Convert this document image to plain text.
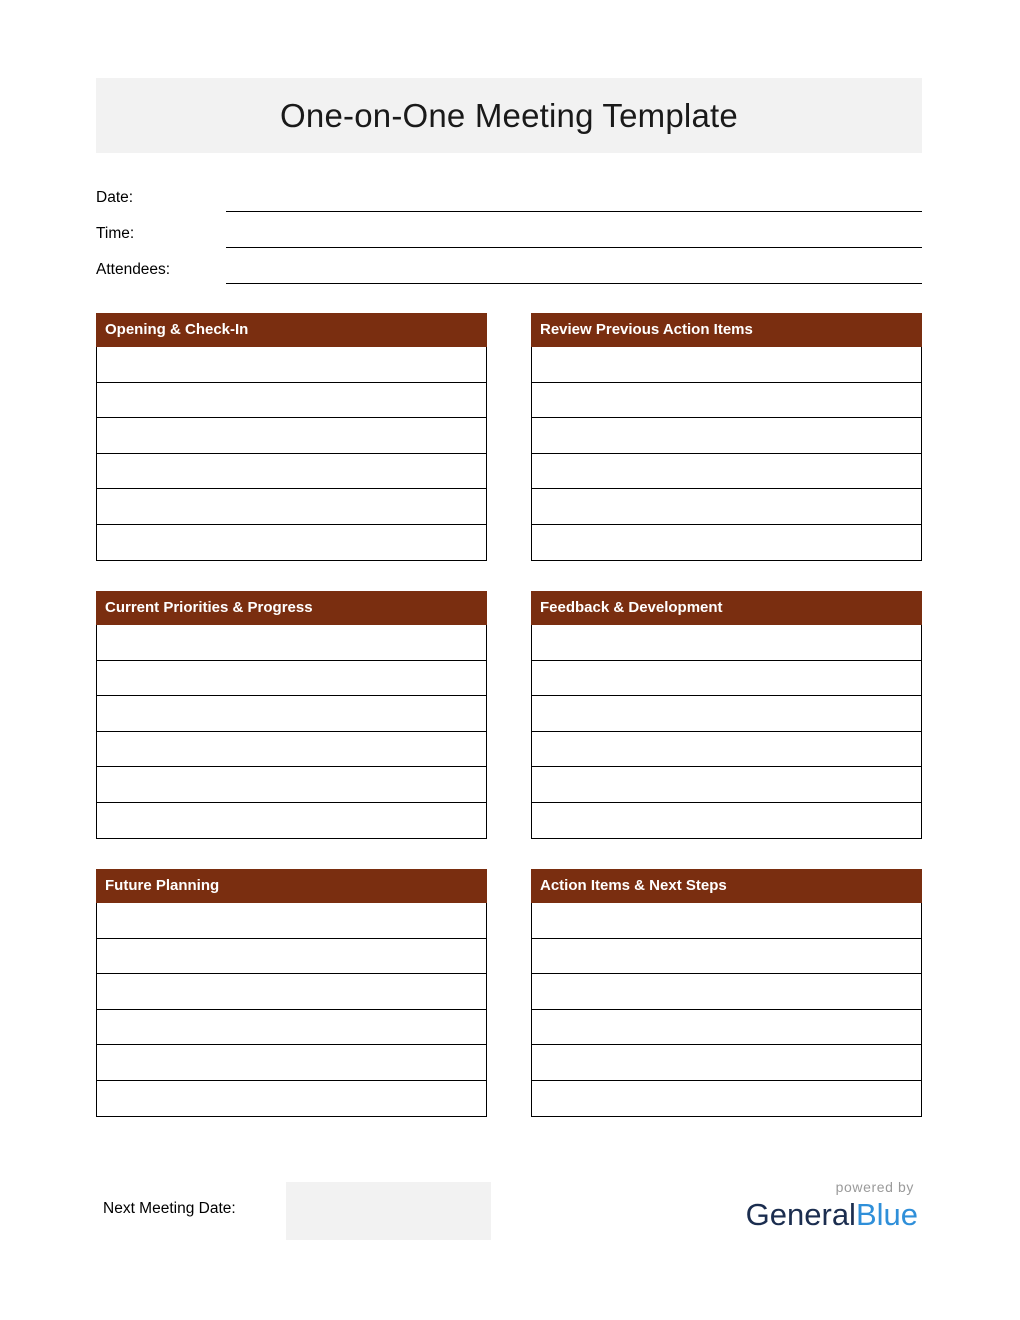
One-on-One Meeting Template
Date:
Time:
Attendees:
Opening & Check-In	Review Previous Action Items
Current Priorities & Progress	Feedback & Development
Future Planning	Action Items & Next Steps
Next Meeting Date:
powered by
GeneralBlue
